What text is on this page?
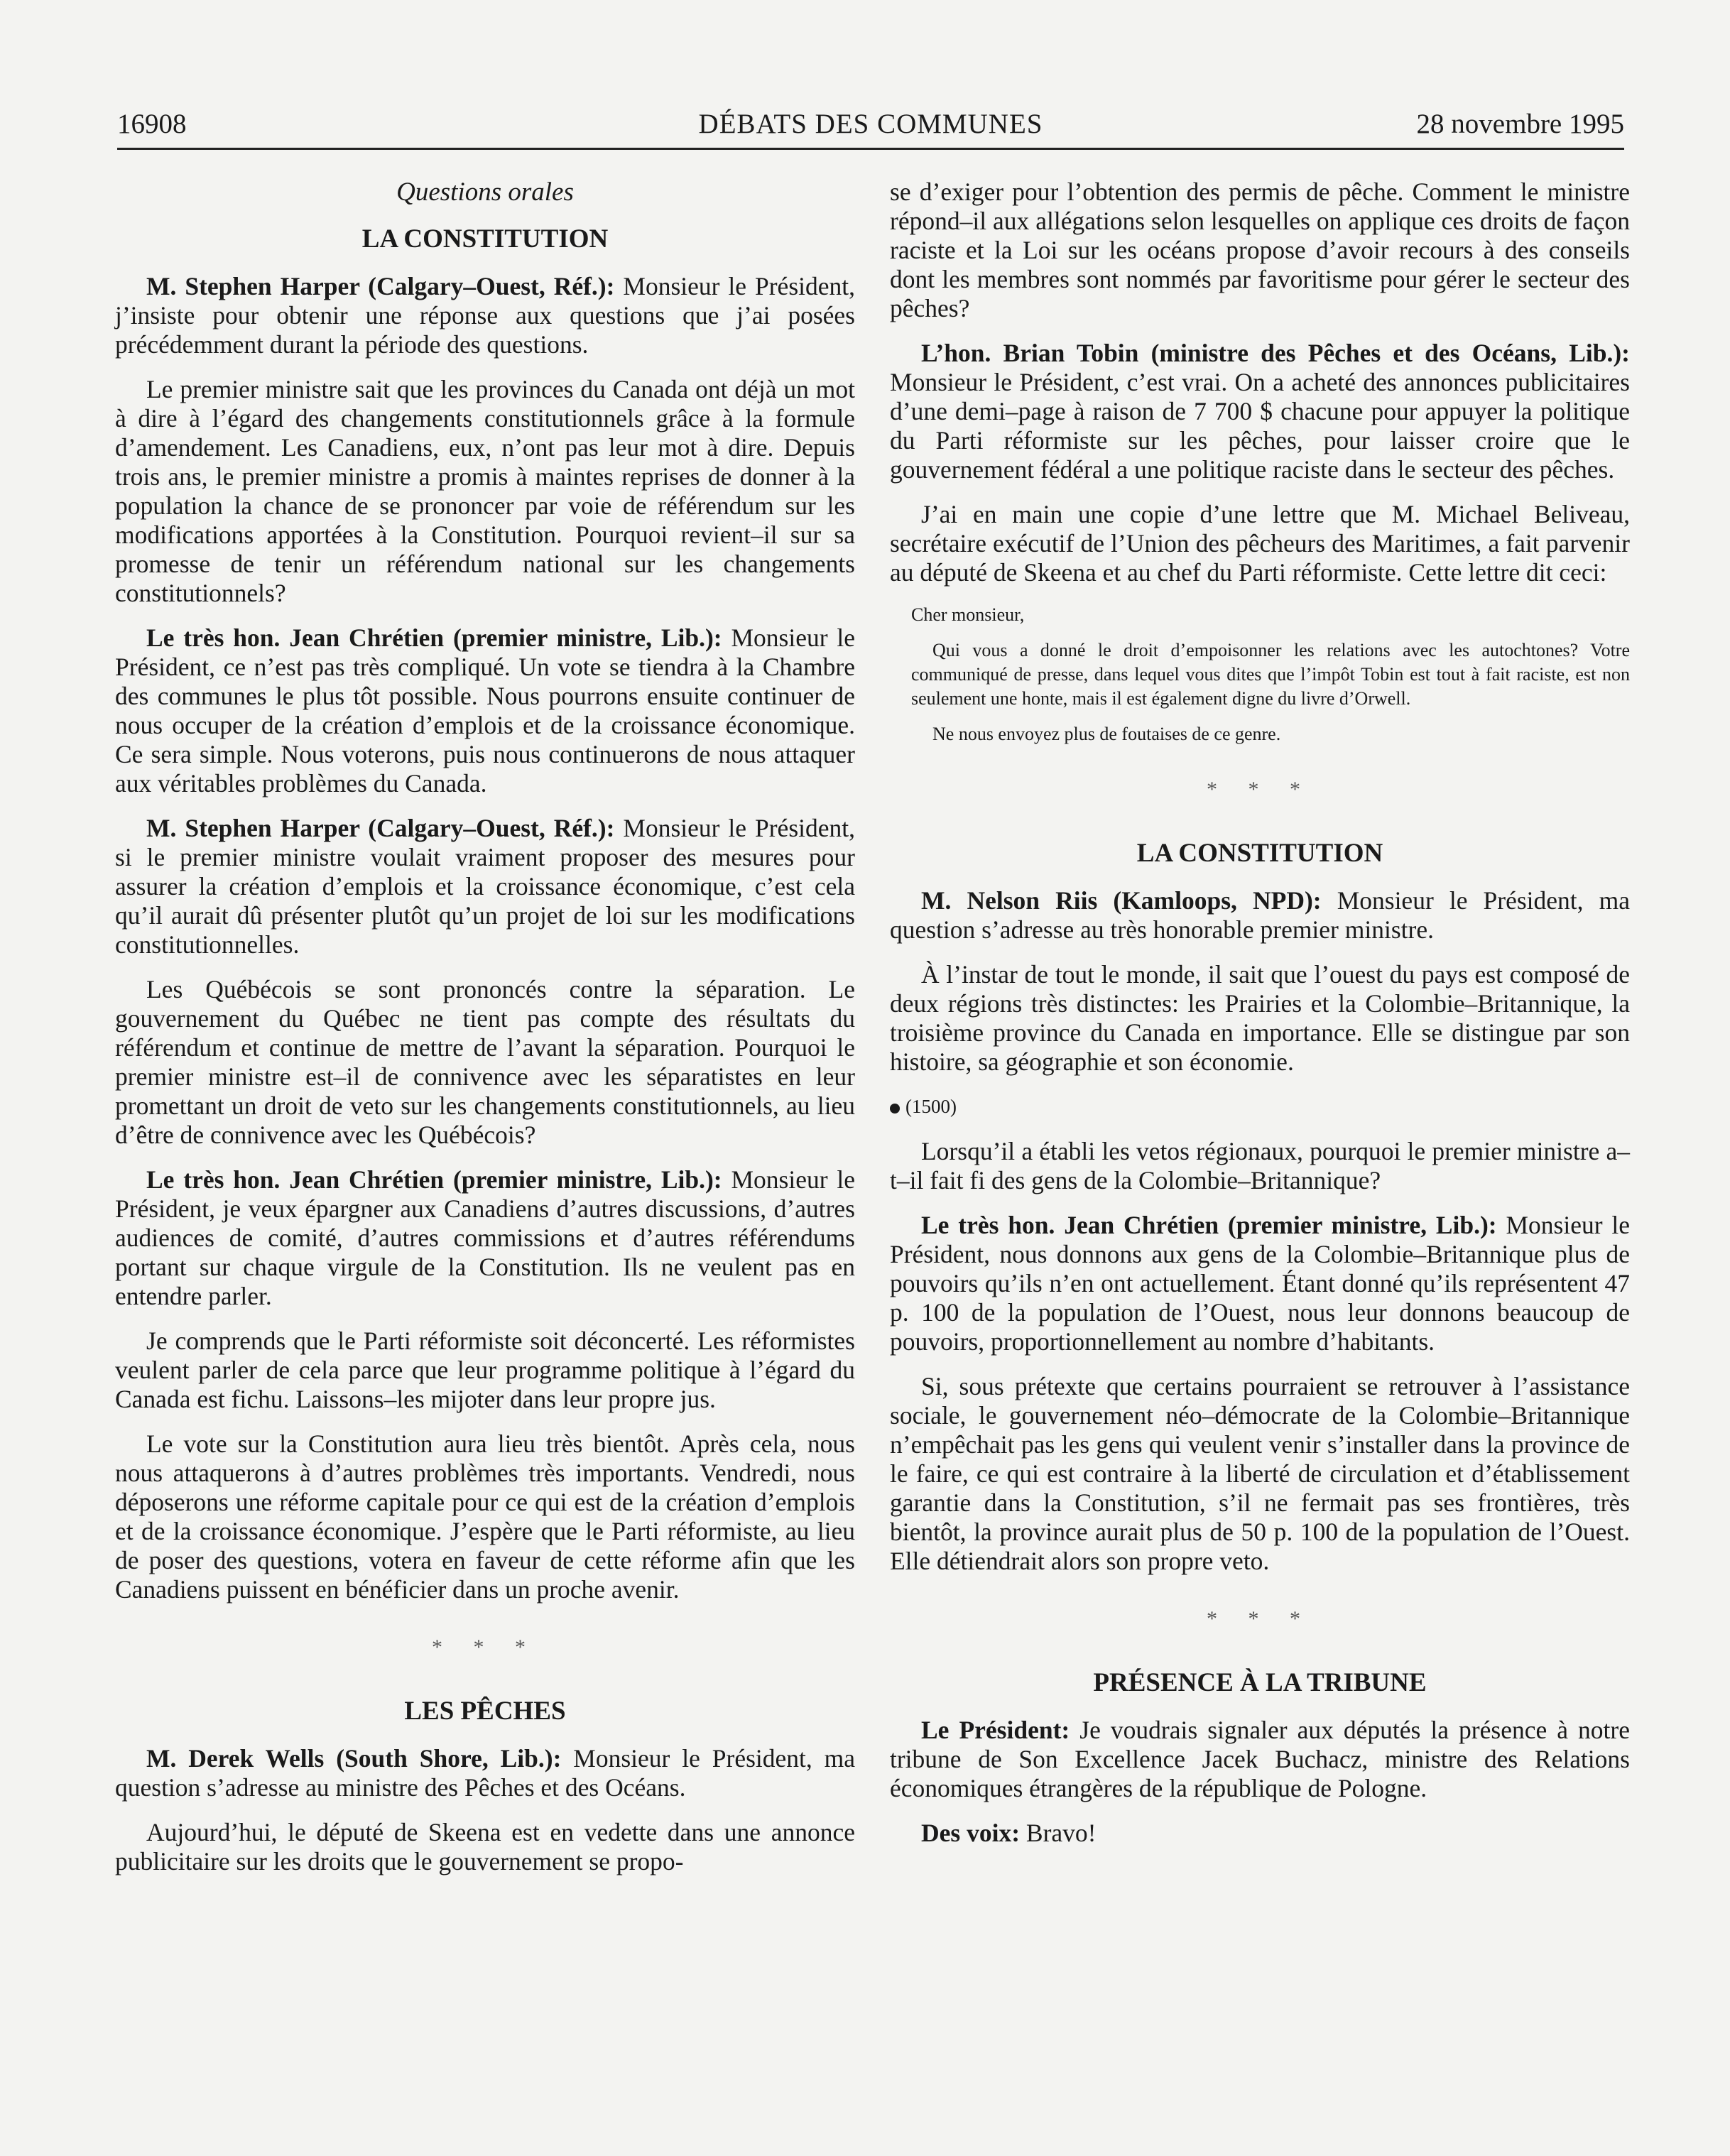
16908	DÉBATS DES COMMUNES	28 novembre 1995
Questions orales
LA CONSTITUTION

M. Stephen Harper (Calgary–Ouest, Réf.): Monsieur le Président, j’insiste pour obtenir une réponse aux questions que j’ai posées précédemment durant la période des questions.

Le premier ministre sait que les provinces du Canada ont déjà un mot à dire à l’égard des changements constitutionnels grâce à la formule d’amendement. Les Canadiens, eux, n’ont pas leur mot à dire. Depuis trois ans, le premier ministre a promis à maintes reprises de donner à la population la chance de se prononcer par voie de référendum sur les modifications apportées à la Constitution. Pourquoi revient–il sur sa promesse de tenir un référendum national sur les changements constitutionnels?

Le très hon. Jean Chrétien (premier ministre, Lib.): Monsieur le Président, ce n’est pas très compliqué. Un vote se tiendra à la Chambre des communes le plus tôt possible. Nous pourrons ensuite continuer de nous occuper de la création d’emplois et de la croissance économique. Ce sera simple. Nous voterons, puis nous continuerons de nous attaquer aux véritables problèmes du Canada.

M. Stephen Harper (Calgary–Ouest, Réf.): Monsieur le Président, si le premier ministre voulait vraiment proposer des mesures pour assurer la création d’emplois et la croissance économique, c’est cela qu’il aurait dû présenter plutôt qu’un projet de loi sur les modifications constitutionnelles.

Les Québécois se sont prononcés contre la séparation. Le gouvernement du Québec ne tient pas compte des résultats du référendum et continue de mettre de l’avant la séparation. Pourquoi le premier ministre est–il de connivence avec les séparatistes en leur promettant un droit de veto sur les changements constitutionnels, au lieu d’être de connivence avec les Québécois?

Le très hon. Jean Chrétien (premier ministre, Lib.): Monsieur le Président, je veux épargner aux Canadiens d’autres discussions, d’autres audiences de comité, d’autres commissions et d’autres référendums portant sur chaque virgule de la Constitution. Ils ne veulent pas en entendre parler.

Je comprends que le Parti réformiste soit déconcerté. Les réformistes veulent parler de cela parce que leur programme politique à l’égard du Canada est fichu. Laissons–les mijoter dans leur propre jus.

Le vote sur la Constitution aura lieu très bientôt. Après cela, nous nous attaquerons à d’autres problèmes très importants. Vendredi, nous déposerons une réforme capitale pour ce qui est de la création d’emplois et de la croissance économique. J’espère que le Parti réformiste, au lieu de poser des questions, votera en faveur de cette réforme afin que les Canadiens puissent en bénéficier dans un proche avenir.

* * *
LES PÊCHES

M. Derek Wells (South Shore, Lib.): Monsieur le Président, ma question s’adresse au ministre des Pêches et des Océans.

Aujourd’hui, le député de Skeena est en vedette dans une annonce publicitaire sur les droits que le gouvernement se propo-

se d’exiger pour l’obtention des permis de pêche. Comment le ministre répond–il aux allégations selon lesquelles on applique ces droits de façon raciste et la Loi sur les océans propose d’avoir recours à des conseils dont les membres sont nommés par favoritisme pour gérer le secteur des pêches?

L’hon. Brian Tobin (ministre des Pêches et des Océans, Lib.): Monsieur le Président, c’est vrai. On a acheté des annonces publicitaires d’une demi–page à raison de 7 700 $ chacune pour appuyer la politique du Parti réformiste sur les pêches, pour laisser croire que le gouvernement fédéral a une politique raciste dans le secteur des pêches.

J’ai en main une copie d’une lettre que M. Michael Beliveau, secrétaire exécutif de l’Union des pêcheurs des Maritimes, a fait parvenir au député de Skeena et au chef du Parti réformiste. Cette lettre dit ceci:

Cher monsieur,
Qui vous a donné le droit d’empoisonner les relations avec les autochtones? Votre communiqué de presse, dans lequel vous dites que l’impôt Tobin est tout à fait raciste, est non seulement une honte, mais il est également digne du livre d’Orwell.
Ne nous envoyez plus de foutaises de ce genre.
* * *
LA CONSTITUTION

M. Nelson Riis (Kamloops, NPD): Monsieur le Président, ma question s’adresse au très honorable premier ministre.

À l’instar de tout le monde, il sait que l’ouest du pays est composé de deux régions très distinctes: les Prairies et la Colombie–Britannique, la troisième province du Canada en importance. Elle se distingue par son histoire, sa géographie et son économie.

(1500)

Lorsqu’il a établi les vetos régionaux, pourquoi le premier ministre a–t–il fait fi des gens de la Colombie–Britannique?

Le très hon. Jean Chrétien (premier ministre, Lib.): Monsieur le Président, nous donnons aux gens de la Colombie–Britannique plus de pouvoirs qu’ils n’en ont actuellement. Étant donné qu’ils représentent 47 p. 100 de la population de l’Ouest, nous leur donnons beaucoup de pouvoirs, proportionnellement au nombre d’habitants.

Si, sous prétexte que certains pourraient se retrouver à l’assistance sociale, le gouvernement néo–démocrate de la Colombie–Britannique n’empêchait pas les gens qui veulent venir s’installer dans la province de le faire, ce qui est contraire à la liberté de circulation et d’établissement garantie dans la Constitution, s’il ne fermait pas ses frontières, très bientôt, la province aurait plus de 50 p. 100 de la population de l’Ouest. Elle détiendrait alors son propre veto.

* * *
PRÉSENCE À LA TRIBUNE

Le Président: Je voudrais signaler aux députés la présence à notre tribune de Son Excellence Jacek Buchacz, ministre des Relations économiques étrangères de la république de Pologne.

Des voix: Bravo!
